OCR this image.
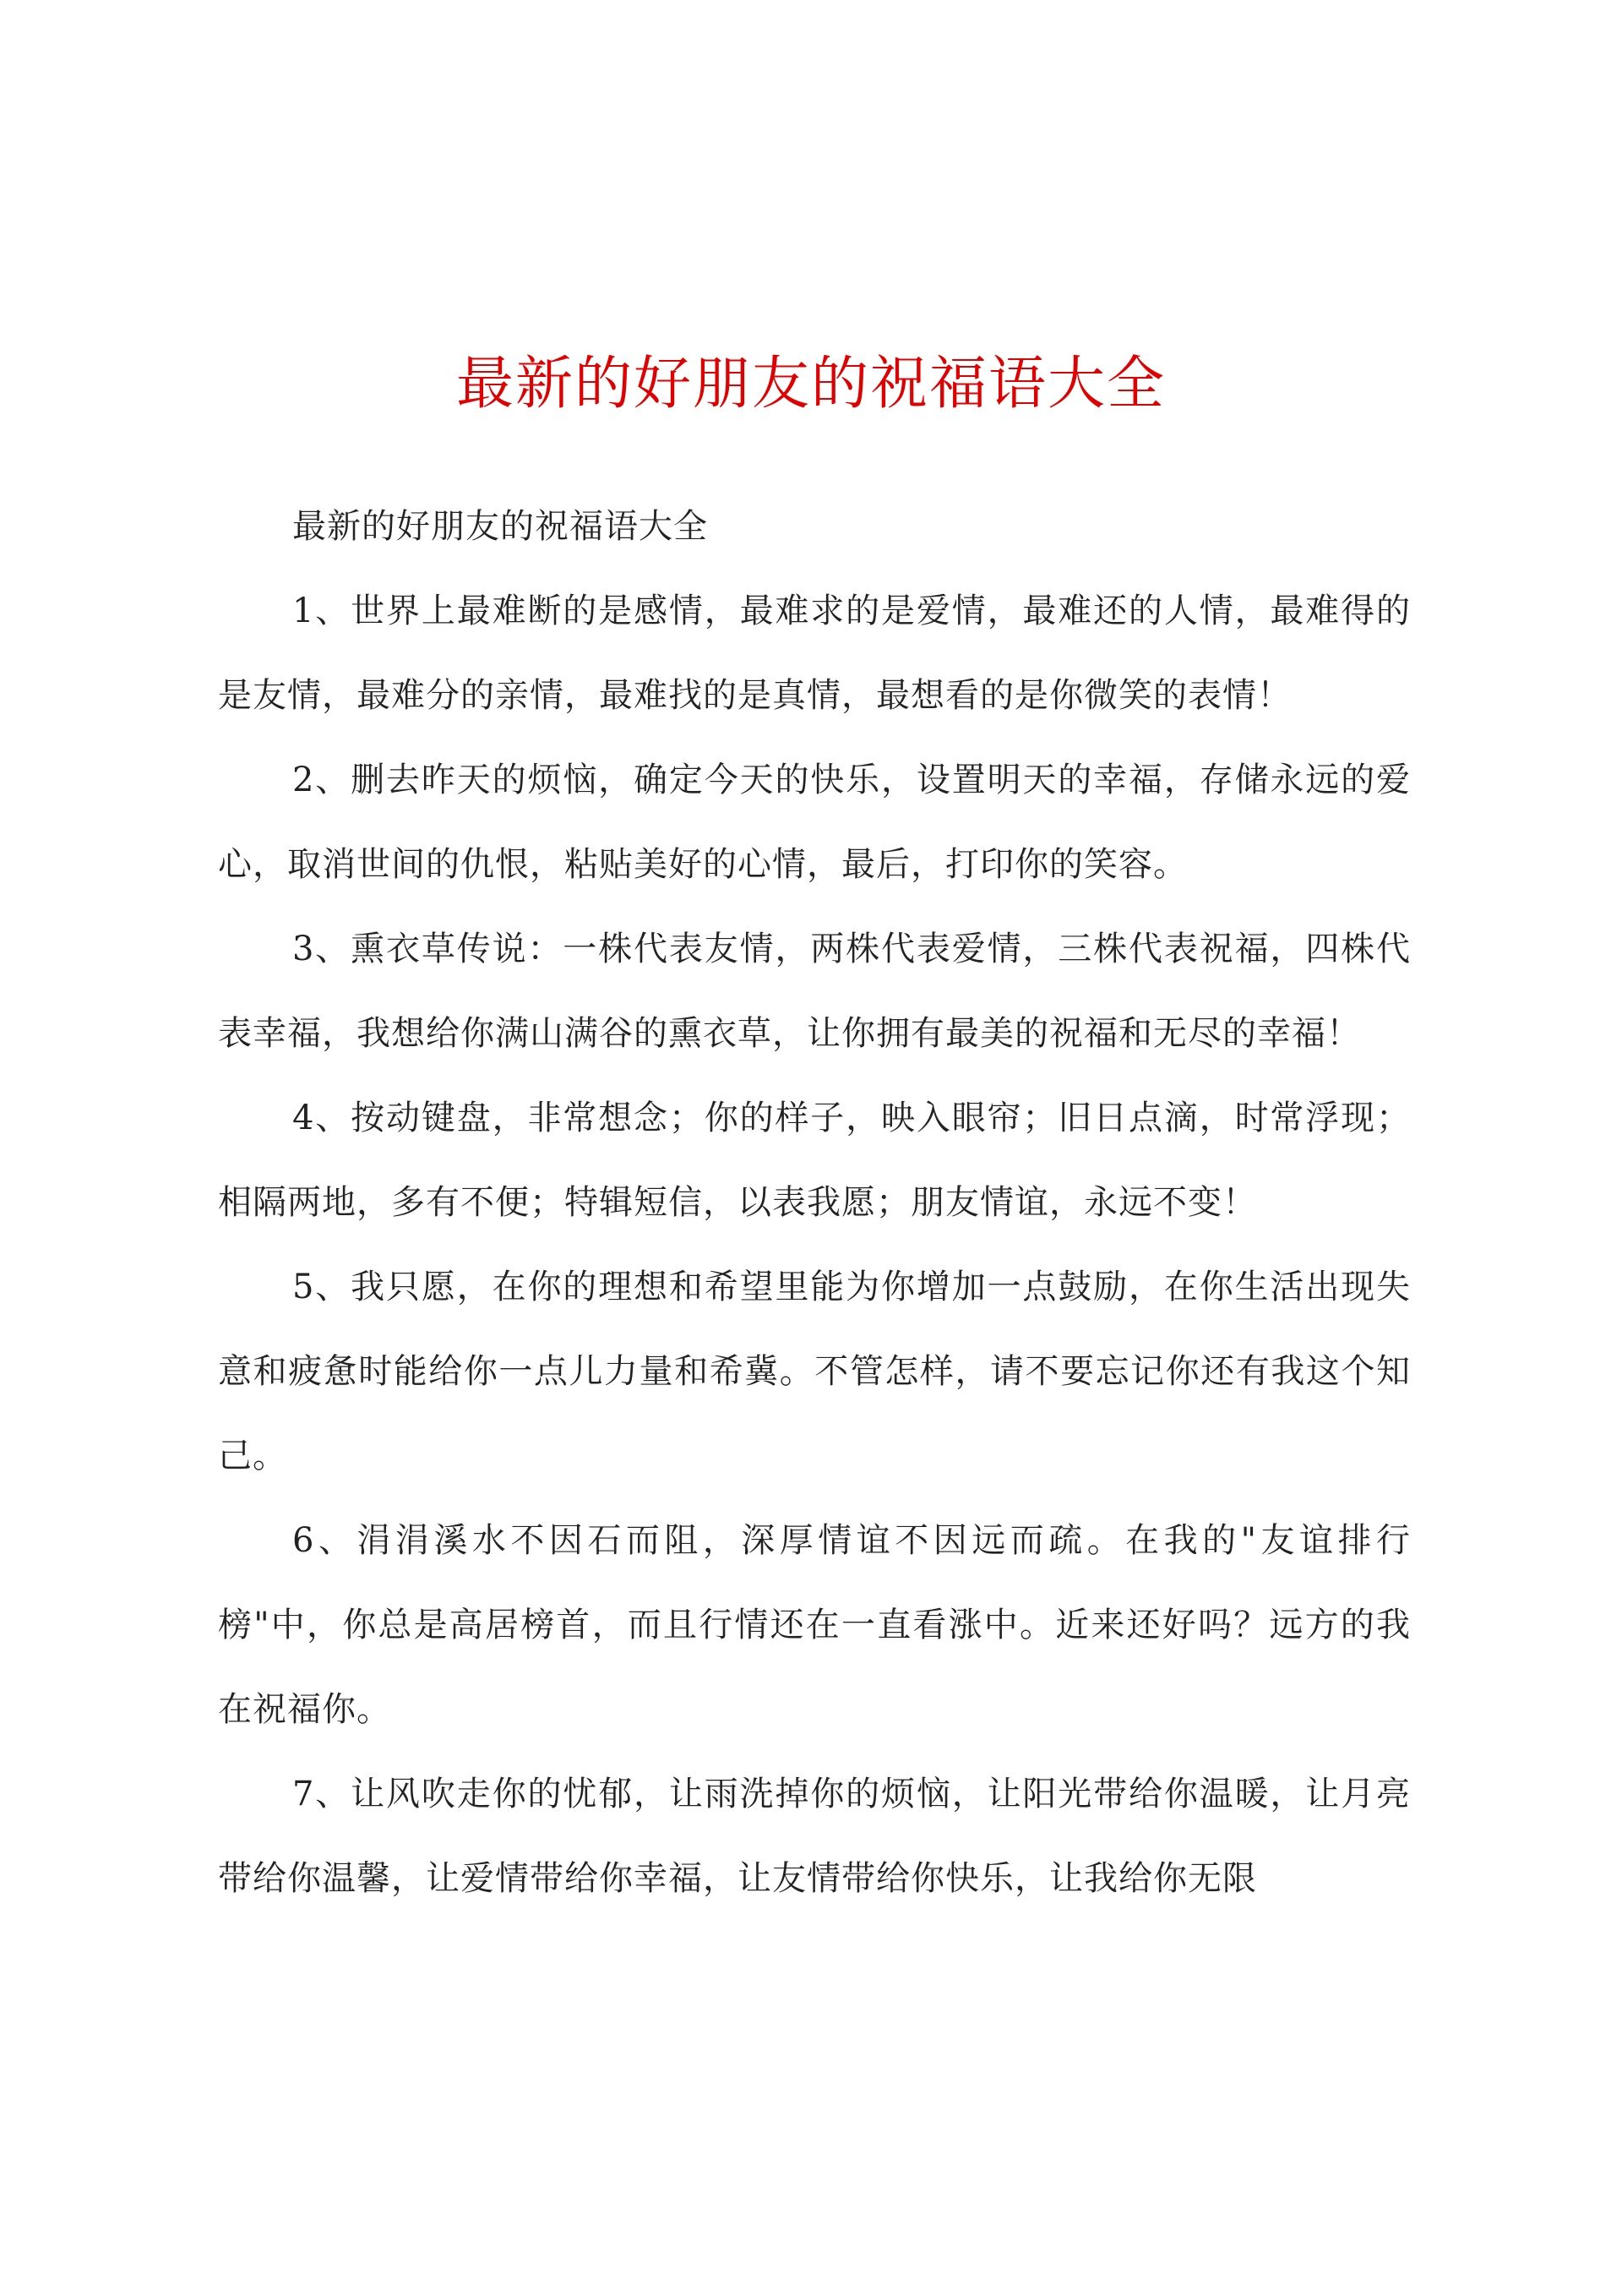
最新的好朋友的祝福语大全

最新的好朋友的祝福语大全

1、世界上最难断的是感情，最难求的是爱情，最难还的人情，最难得的是友情，最难分的亲情，最难找的是真情，最想看的是你微笑的表情！

2、删去昨天的烦恼，确定今天的快乐，设置明天的幸福，存储永远的爱心，取消世间的仇恨，粘贴美好的心情，最后，打印你的笑容。

3、熏衣草传说：一株代表友情，两株代表爱情，三株代表祝福，四株代表幸福，我想给你满山满谷的熏衣草，让你拥有最美的祝福和无尽的幸福！

4、按动键盘，非常想念；你的样子，映入眼帘；旧日点滴，时常浮现；相隔两地，多有不便；特辑短信，以表我愿；朋友情谊，永远不变！

5、我只愿，在你的理想和希望里能为你增加一点鼓励，在你生活出现失意和疲惫时能给你一点儿力量和希冀。不管怎样，请不要忘记你还有我这个知己。

6、涓涓溪水不因石而阻，深厚情谊不因远而疏。在我的"友谊排行榜"中，你总是高居榜首，而且行情还在一直看涨中。近来还好吗？远方的我在祝福你。

7、让风吹走你的忧郁，让雨洗掉你的烦恼，让阳光带给你温暖，让月亮带给你温馨，让爱情带给你幸福，让友情带给你快乐，让我给你无限
